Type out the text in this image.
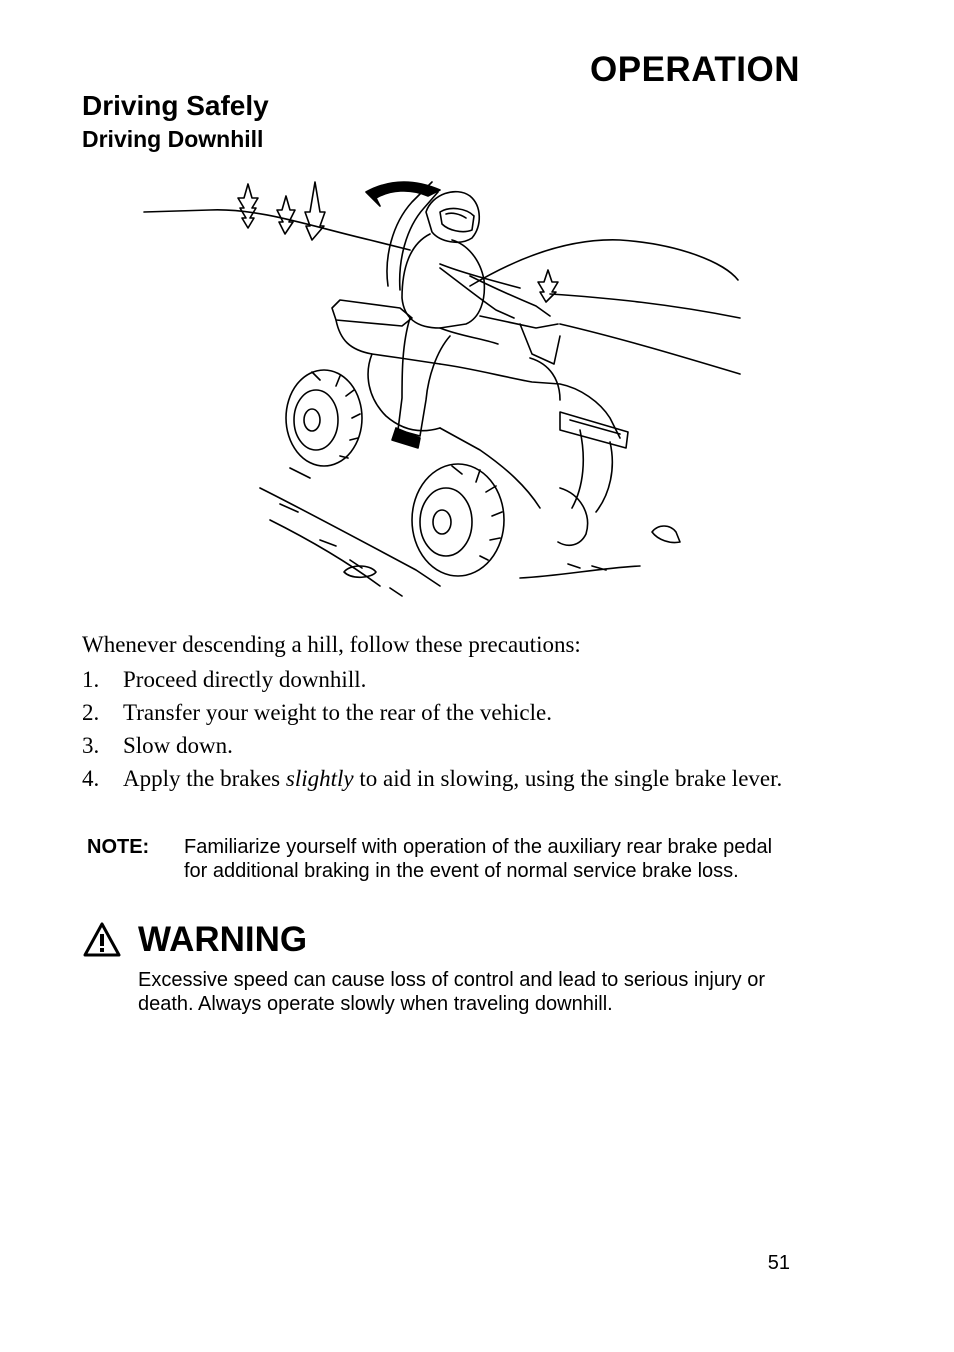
OPERATION
Driving Safely
Driving Downhill
Whenever descending a hill, follow these precautions:
1. Proceed directly downhill.
2. Transfer your weight to the rear of the vehicle.
3. Slow down.
4. Apply the brakes slightly to aid in slowing, using the single brake lever.
NOTE: Familiarize yourself with operation of the auxiliary rear brake pedal for additional braking in the event of normal service brake loss.
WARNING
Excessive speed can cause loss of control and lead to serious injury or death. Always operate slowly when traveling downhill.
51
